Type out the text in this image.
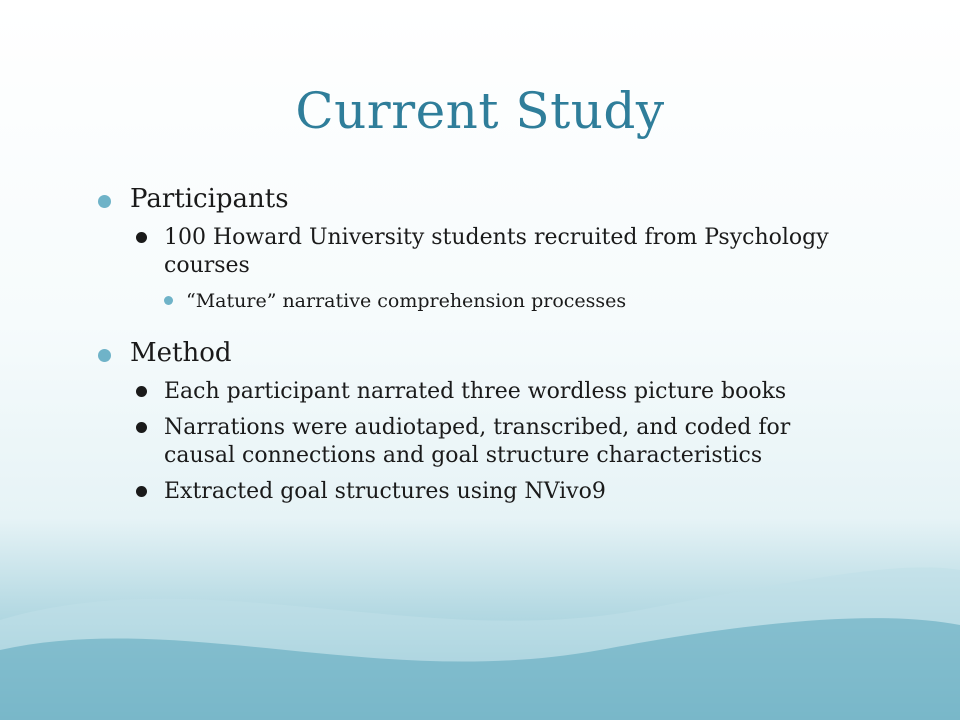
Current Study
Participants
100 Howard University students recruited from Psychology courses
“Mature” narrative comprehension processes
Method
Each participant narrated three wordless picture books
Narrations were audiotaped, transcribed, and coded for causal connections and goal structure characteristics
Extracted goal structures using NVivo9
